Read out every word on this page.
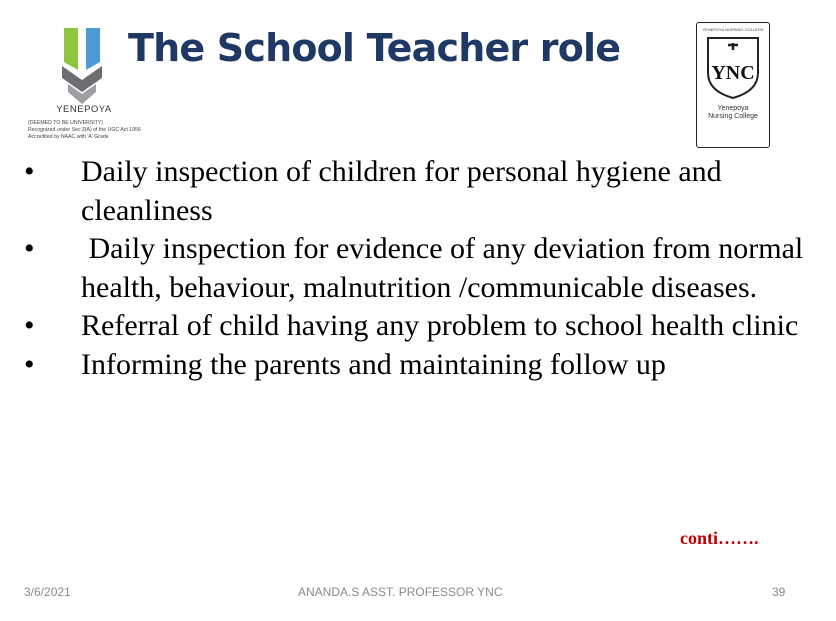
YENEPOYA
(DEEMED TO BE UNIVERSITY)
Recognized under Sec 3(A) of the UGC Act 1956
Accredited by NAAC with 'A' Grade
The School Teacher role	YENEPOYA NURSING COLLEGE
YNC
Yenepoya
Nursing College
•	Daily inspection of children for personal hygiene and cleanliness
•	Daily inspection for evidence of any deviation from normal health, behaviour, malnutrition /communicable diseases.
•	Referral of child having any problem to school health clinic
•	Informing the parents and maintaining follow up
conti…….
3/6/2021	ANANDA.S ASST. PROFESSOR YNC	39
